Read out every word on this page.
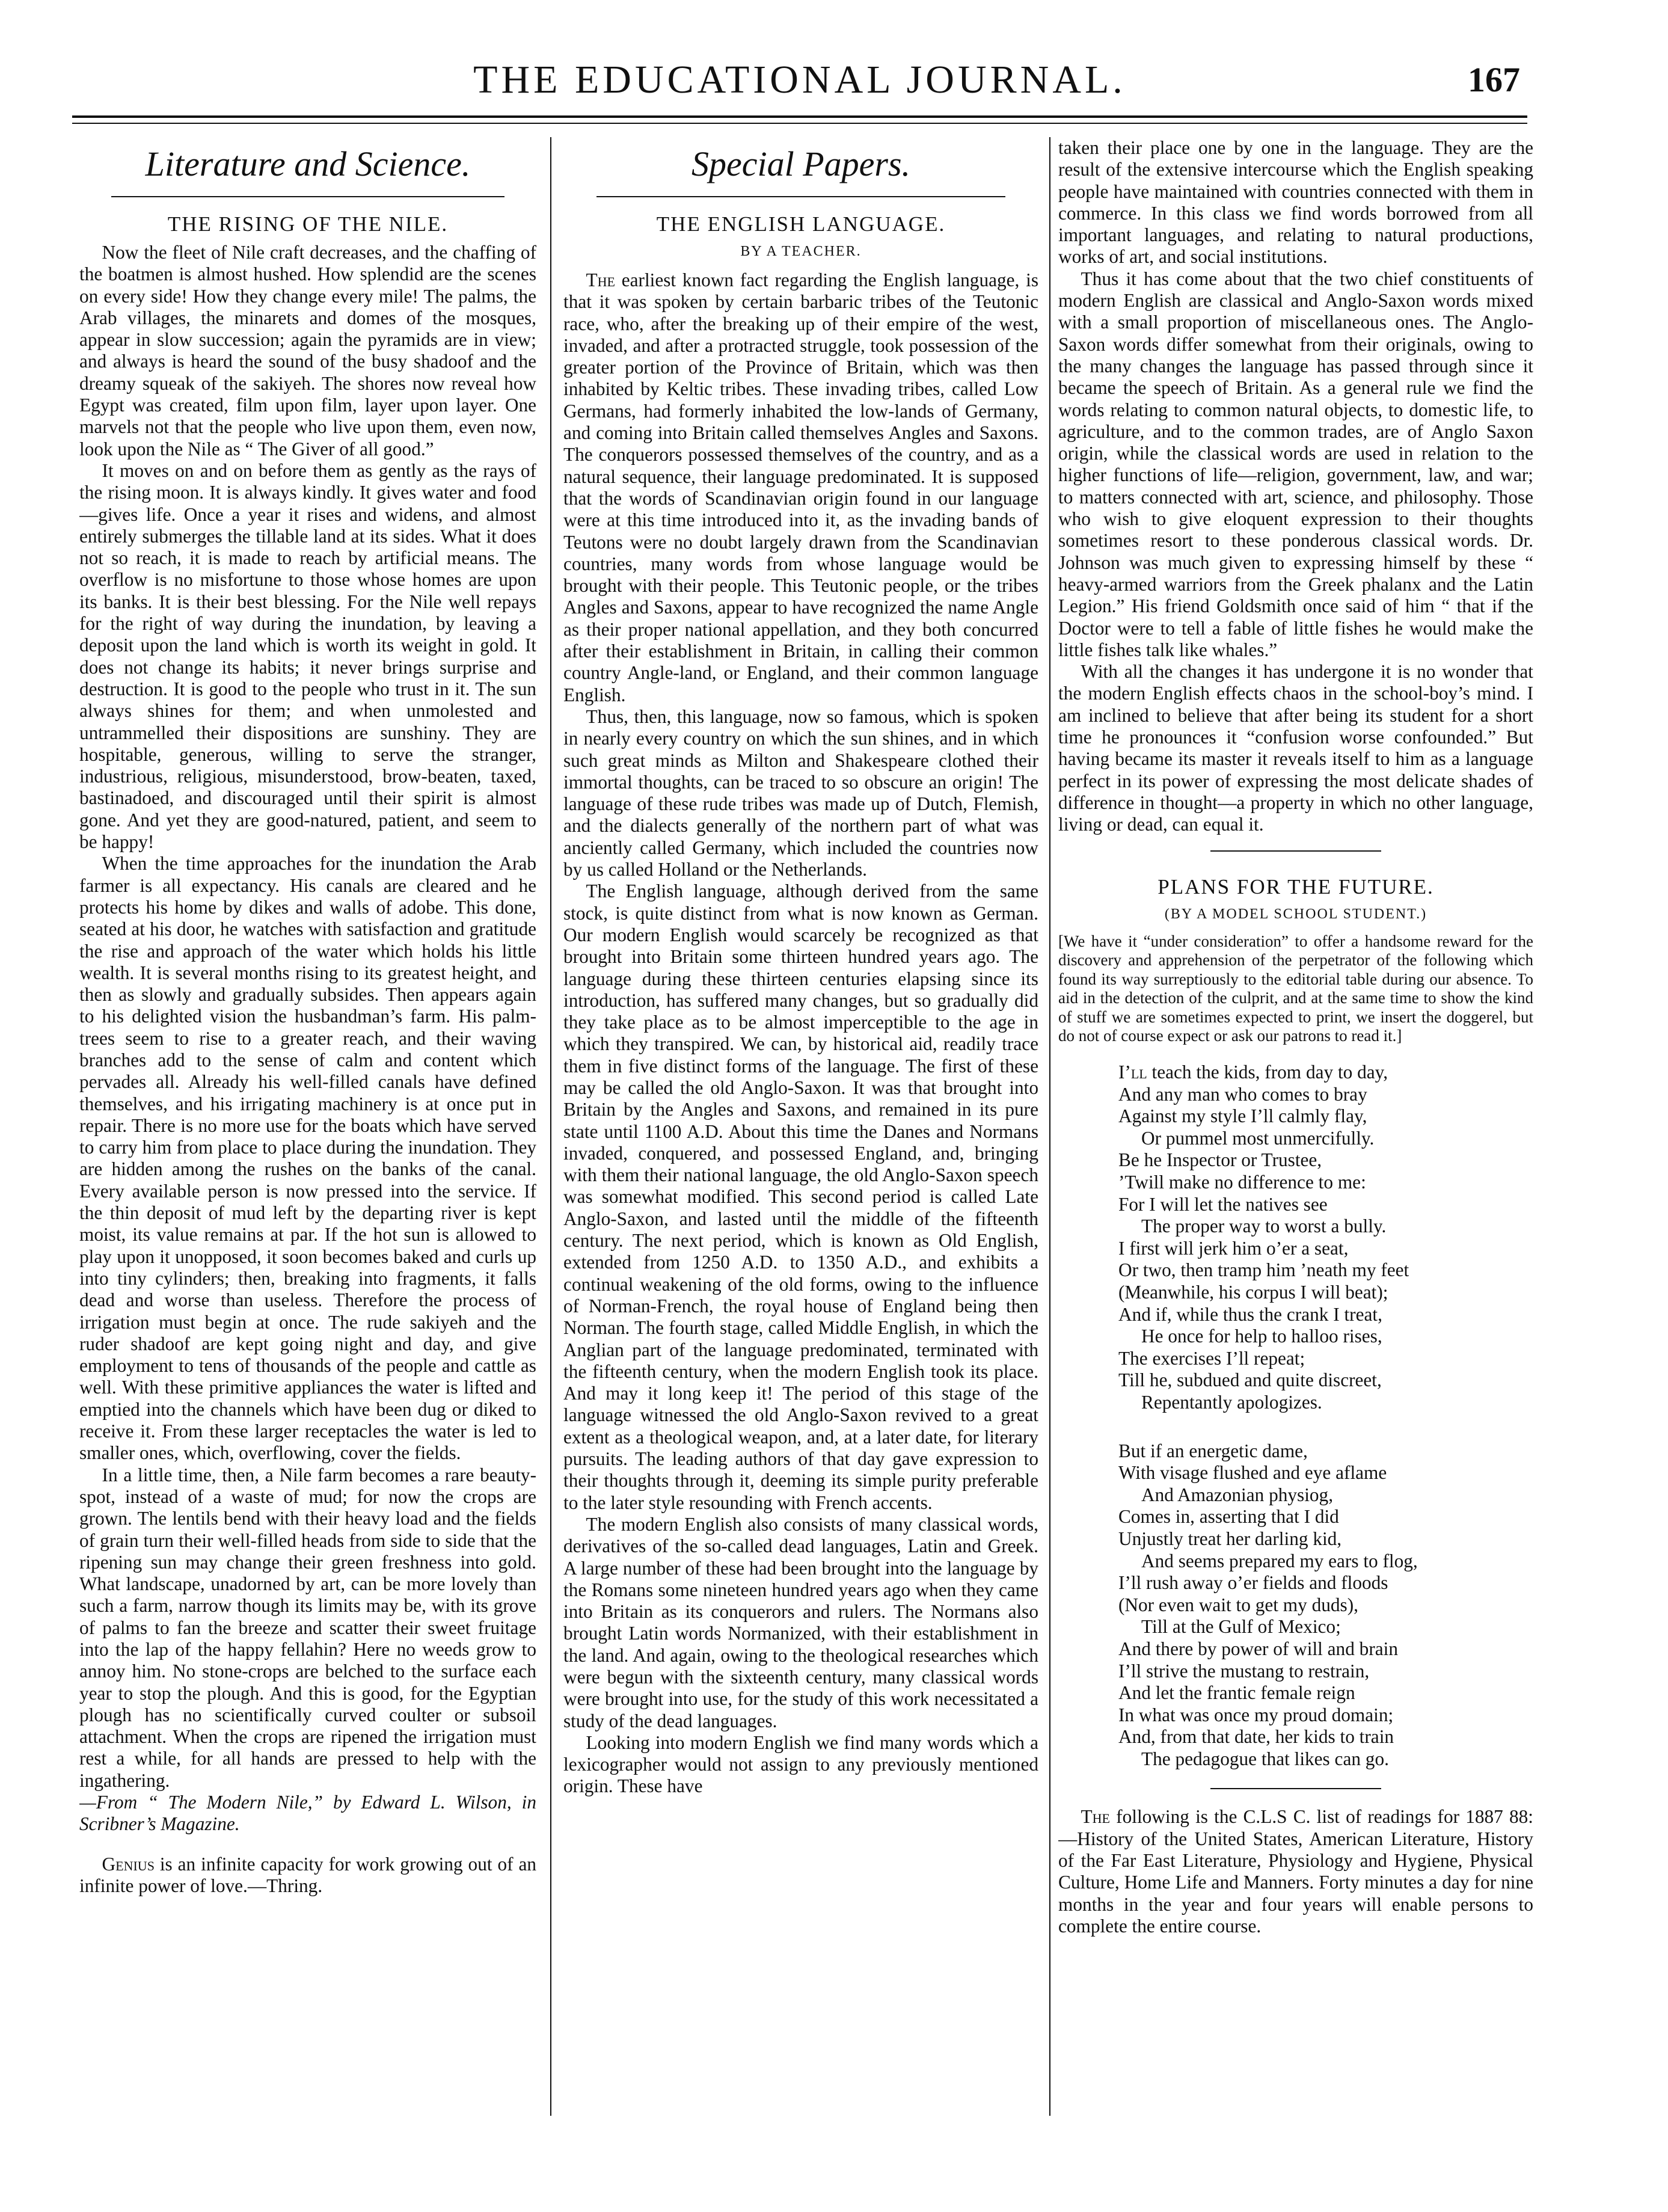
THE EDUCATIONAL JOURNAL.	167
Literature and Science.
THE RISING OF THE NILE.

Now the fleet of Nile craft decreases, and the chaffing of the boatmen is almost hushed. How splendid are the scenes on every side! How they change every mile! The palms, the Arab villages, the minarets and domes of the mosques, appear in slow succession; again the pyramids are in view; and always is heard the sound of the busy shadoof and the dreamy squeak of the sakiyeh. The shores now reveal how Egypt was created, film upon film, layer upon layer. One marvels not that the people who live upon them, even now, look upon the Nile as “ The Giver of all good.”

It moves on and on before them as gently as the rays of the rising moon. It is always kindly. It gives water and food—gives life. Once a year it rises and widens, and almost entirely submerges the tillable land at its sides. What it does not so reach, it is made to reach by artificial means. The overflow is no misfortune to those whose homes are upon its banks. It is their best blessing. For the Nile well repays for the right of way during the inundation, by leaving a deposit upon the land which is worth its weight in gold. It does not change its habits; it never brings surprise and destruction. It is good to the people who trust in it. The sun always shines for them; and when unmolested and untrammelled their dispositions are sunshiny. They are hospitable, generous, willing to serve the stranger, industrious, religious, misunderstood, brow-beaten, taxed, bastinadoed, and discouraged until their spirit is almost gone. And yet they are good-natured, patient, and seem to be happy!

When the time approaches for the inundation the Arab farmer is all expectancy. His canals are cleared and he protects his home by dikes and walls of adobe. This done, seated at his door, he watches with satisfaction and gratitude the rise and approach of the water which holds his little wealth. It is several months rising to its greatest height, and then as slowly and gradually subsides. Then appears again to his delighted vision the husbandman’s farm. His palm-trees seem to rise to a greater reach, and their waving branches add to the sense of calm and content which pervades all. Already his well-filled canals have defined themselves, and his irrigating machinery is at once put in repair. There is no more use for the boats which have served to carry him from place to place during the inundation. They are hidden among the rushes on the banks of the canal. Every available person is now pressed into the service. If the thin deposit of mud left by the departing river is kept moist, its value remains at par. If the hot sun is allowed to play upon it unopposed, it soon becomes baked and curls up into tiny cylinders; then, breaking into fragments, it falls dead and worse than useless. Therefore the process of irrigation must begin at once. The rude sakiyeh and the ruder shadoof are kept going night and day, and give employment to tens of thousands of the people and cattle as well. With these primitive appliances the water is lifted and emptied into the channels which have been dug or diked to receive it. From these larger receptacles the water is led to smaller ones, which, overflowing, cover the fields.

In a little time, then, a Nile farm becomes a rare beauty-spot, instead of a waste of mud; for now the crops are grown. The lentils bend with their heavy load and the fields of grain turn their well-filled heads from side to side that the ripening sun may change their green freshness into gold. What landscape, unadorned by art, can be more lovely than such a farm, narrow though its limits may be, with its grove of palms to fan the breeze and scatter their sweet fruitage into the lap of the happy fellahin? Here no weeds grow to annoy him. No stone-crops are belched to the surface each year to stop the plough. And this is good, for the Egyptian plough has no scientifically curved coulter or subsoil attachment. When the crops are ripened the irrigation must rest a while, for all hands are pressed to help with the ingathering.

—From “ The Modern Nile,” by Edward L. Wilson, in Scribner’s Magazine.

Genius is an infinite capacity for work growing out of an infinite power of love.—Thring.

Special Papers.
THE ENGLISH LANGUAGE.
BY A TEACHER.

The earliest known fact regarding the English language, is that it was spoken by certain barbaric tribes of the Teutonic race, who, after the breaking up of their empire of the west, invaded, and after a protracted struggle, took possession of the greater portion of the Province of Britain, which was then inhabited by Keltic tribes. These invading tribes, called Low Germans, had formerly inhabited the low-lands of Germany, and coming into Britain called themselves Angles and Saxons. The conquerors possessed themselves of the country, and as a natural sequence, their language predominated. It is supposed that the words of Scandinavian origin found in our language were at this time introduced into it, as the invading bands of Teutons were no doubt largely drawn from the Scandinavian countries, many words from whose language would be brought with their people. This Teutonic people, or the tribes Angles and Saxons, appear to have recognized the name Angle as their proper national appellation, and they both concurred after their establishment in Britain, in calling their common country Angle-land, or England, and their common language English.

Thus, then, this language, now so famous, which is spoken in nearly every country on which the sun shines, and in which such great minds as Milton and Shakespeare clothed their immortal thoughts, can be traced to so obscure an origin! The language of these rude tribes was made up of Dutch, Flemish, and the dialects generally of the northern part of what was anciently called Germany, which included the countries now by us called Holland or the Netherlands.

The English language, although derived from the same stock, is quite distinct from what is now known as German. Our modern English would scarcely be recognized as that brought into Britain some thirteen hundred years ago. The language during these thirteen centuries elapsing since its introduction, has suffered many changes, but so gradually did they take place as to be almost imperceptible to the age in which they transpired. We can, by historical aid, readily trace them in five distinct forms of the language. The first of these may be called the old Anglo-Saxon. It was that brought into Britain by the Angles and Saxons, and remained in its pure state until 1100 A.D. About this time the Danes and Normans invaded, conquered, and possessed England, and, bringing with them their national language, the old Anglo-Saxon speech was somewhat modified. This second period is called Late Anglo-Saxon, and lasted until the middle of the fifteenth century. The next period, which is known as Old English, extended from 1250 A.D. to 1350 A.D., and exhibits a continual weakening of the old forms, owing to the influence of Norman-French, the royal house of England being then Norman. The fourth stage, called Middle English, in which the Anglian part of the language predominated, terminated with the fifteenth century, when the modern English took its place. And may it long keep it! The period of this stage of the language witnessed the old Anglo-Saxon revived to a great extent as a theological weapon, and, at a later date, for literary pursuits. The leading authors of that day gave expression to their thoughts through it, deeming its simple purity preferable to the later style resounding with French accents.

The modern English also consists of many classical words, derivatives of the so-called dead languages, Latin and Greek. A large number of these had been brought into the language by the Romans some nineteen hundred years ago when they came into Britain as its conquerors and rulers. The Normans also brought Latin words Normanized, with their establishment in the land. And again, owing to the theological researches which were begun with the sixteenth century, many classical words were brought into use, for the study of this work necessitated a study of the dead languages.

Looking into modern English we find many words which a lexicographer would not assign to any previously mentioned origin. These have

taken their place one by one in the language. They are the result of the extensive intercourse which the English speaking people have maintained with countries connected with them in commerce. In this class we find words borrowed from all important languages, and relating to natural productions, works of art, and social institutions.

Thus it has come about that the two chief constituents of modern English are classical and Anglo-Saxon words mixed with a small proportion of miscellaneous ones. The Anglo-Saxon words differ somewhat from their originals, owing to the many changes the language has passed through since it became the speech of Britain. As a general rule we find the words relating to common natural objects, to domestic life, to agriculture, and to the common trades, are of Anglo Saxon origin, while the classical words are used in relation to the higher functions of life—religion, government, law, and war; to matters connected with art, science, and philosophy. Those who wish to give eloquent expression to their thoughts sometimes resort to these ponderous classical words. Dr. Johnson was much given to expressing himself by these “ heavy-armed warriors from the Greek phalanx and the Latin Legion.” His friend Goldsmith once said of him “ that if the Doctor were to tell a fable of little fishes he would make the little fishes talk like whales.”

With all the changes it has undergone it is no wonder that the modern English effects chaos in the school-boy’s mind. I am inclined to believe that after being its student for a short time he pronounces it “confusion worse confounded.” But having became its master it reveals itself to him as a language perfect in its power of expressing the most delicate shades of difference in thought—a property in which no other language, living or dead, can equal it.

PLANS FOR THE FUTURE.
(BY A MODEL SCHOOL STUDENT.)

[We have it “under consideration” to offer a handsome reward for the discovery and apprehension of the perpetrator of the following which found its way surreptiously to the editorial table during our absence. To aid in the detection of the culprit, and at the same time to show the kind of stuff we are sometimes expected to print, we insert the doggerel, but do not of course expect or ask our patrons to read it.]

I’ll teach the kids, from day to day,
And any man who comes to bray
Against my style I’ll calmly flay,
Or pummel most unmercifully.
Be he Inspector or Trustee,
’Twill make no difference to me:
For I will let the natives see
The proper way to worst a bully.
I first will jerk him o’er a seat,
Or two, then tramp him ’neath my feet
(Meanwhile, his corpus I will beat);
And if, while thus the crank I treat,
He once for help to halloo rises,
The exercises I’ll repeat;
Till he, subdued and quite discreet,
Repentantly apologizes.
But if an energetic dame,
With visage flushed and eye aflame
And Amazonian physiog,
Comes in, asserting that I did
Unjustly treat her darling kid,
And seems prepared my ears to flog,
I’ll rush away o’er fields and floods
(Nor even wait to get my duds),
Till at the Gulf of Mexico;
And there by power of will and brain
I’ll strive the mustang to restrain,
And let the frantic female reign
In what was once my proud domain;
And, from that date, her kids to train
The pedagogue that likes can go.

The following is the C.L.S C. list of readings for 1887 88:—History of the United States, American Literature, History of the Far East Literature, Physiology and Hygiene, Physical Culture, Home Life and Manners. Forty minutes a day for nine months in the year and four years will enable persons to complete the entire course.
